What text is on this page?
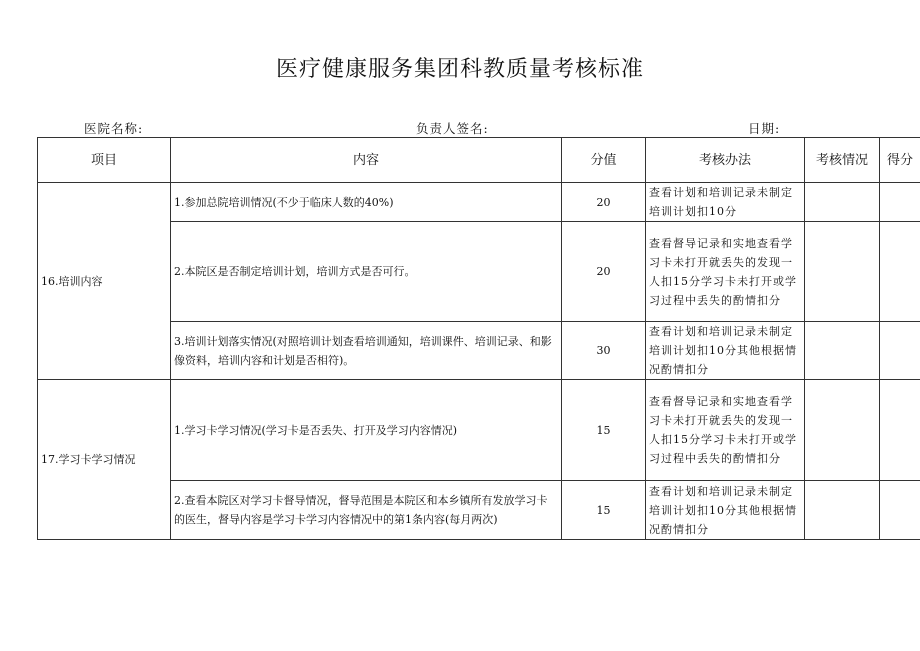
医疗健康服务集团科教质量考核标准
医院名称:	负责人签名:	日期:
项目	内容	分值	考核办法	考核情况	得分
16.培训内容	1.参加总院培训情况(不少于临床人数的40%)	20	查看计划和培训记录未制定培训计划扣10分		
	2.本院区是否制定培训计划，培训方式是否可行。	20	查看督导记录和实地查看学习卡未打开就丢失的发现一人扣15分学习卡未打开或学习过程中丢失的酌情扣分		
	3.培训计划落实情况(对照培训计划查看培训通知，培训课件、培训记录、和影像资料，培训内容和计划是否相符)。	30	查看计划和培训记录未制定培训计划扣10分其他根据情况酌情扣分		
17.学习卡学习情况	1.学习卡学习情况(学习卡是否丢失、打开及学习内容情况)	15	查看督导记录和实地查看学习卡未打开就丢失的发现一人扣15分学习卡未打开或学习过程中丢失的酌情扣分		
	2.查看本院区对学习卡督导情况，督导范围是本院区和本乡镇所有发放学习卡的医生，督导内容是学习卡学习内容情况中的第1条内容(每月两次)	15	查看计划和培训记录未制定培训计划扣10分其他根据情况酌情扣分		
